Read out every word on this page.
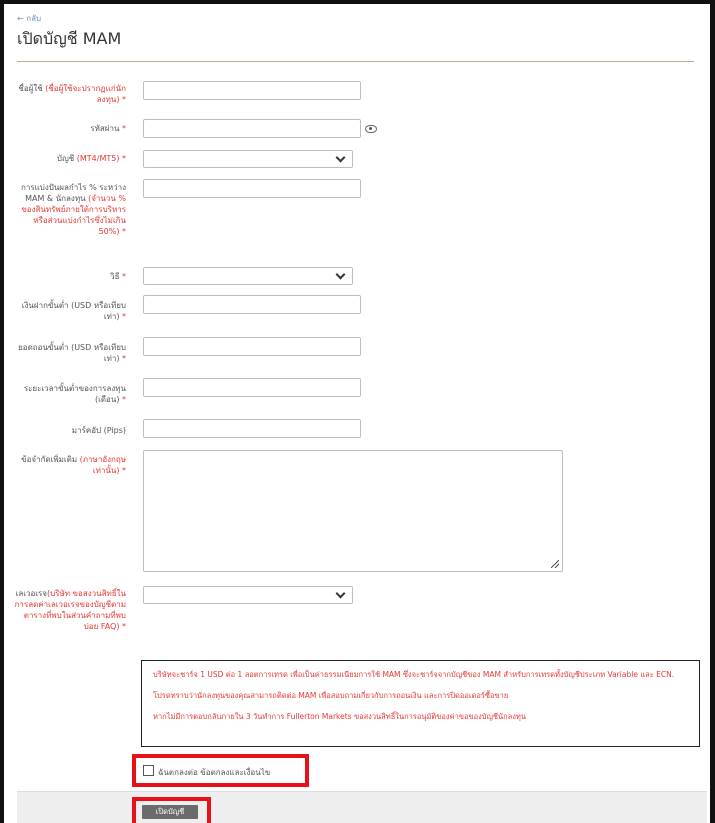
← กลับ
เปิดบัญชี MAM
ชื่อผู้ใช้ (ชื่อผู้ใช้จะปรากฏแก่นักลงทุน) *
รหัสผ่าน *
บัญชี (MT4/MT5) *
การแบ่งปันผลกำไร % ระหว่าง MAM & นักลงทุน (จำนวน % ของสินทรัพย์ภายใต้การบริหารหรือส่วนแบ่งกำไรซึ่งไม่เกิน 50%) *
วิธี *
เงินฝากขั้นต่ำ (USD หรือเทียบเท่า) *
ยอดถอนขั้นต่ำ (USD หรือเทียบเท่า) *
ระยะเวลาขั้นต่ำของการลงทุน (เดือน) *
มาร์คอัป (Pips)
ข้อจำกัดเพิ่มเติม (ภาษาอังกฤษเท่านั้น) *
เลเวอเรจ(บริษัท ขอสงวนสิทธิ์ในการลดค่าเลเวอเรจของบัญชีตามตารางที่พบในส่วนคำถามที่พบบ่อย FAQ) *

บริษัทจะชาร์จ 1 USD ต่อ 1 ลอตการเทรด เพื่อเป็นค่าธรรมเนียมการใช้ MAM ซึ่งจะชาร์จจากบัญชีของ MAM สำหรับการเทรดทั้งบัญชีประเภท Variable และ ECN.

โปรดทราบว่านักลงทุนของคุณสามารถติดต่อ MAM เพื่อสอบถามเกี่ยวกับการถอนเงิน และการปิดออเดอร์ซื้อขาย

หากไม่มีการตอบกลับภายใน 3 วันทำการ Fullerton Markets ขอสงวนสิทธิ์ในการอนุมัติของค่าขอของบัญชีนักลงทุน

ฉันตกลงต่อ ข้อตกลงและเงื่อนไข
เปิดบัญชี
